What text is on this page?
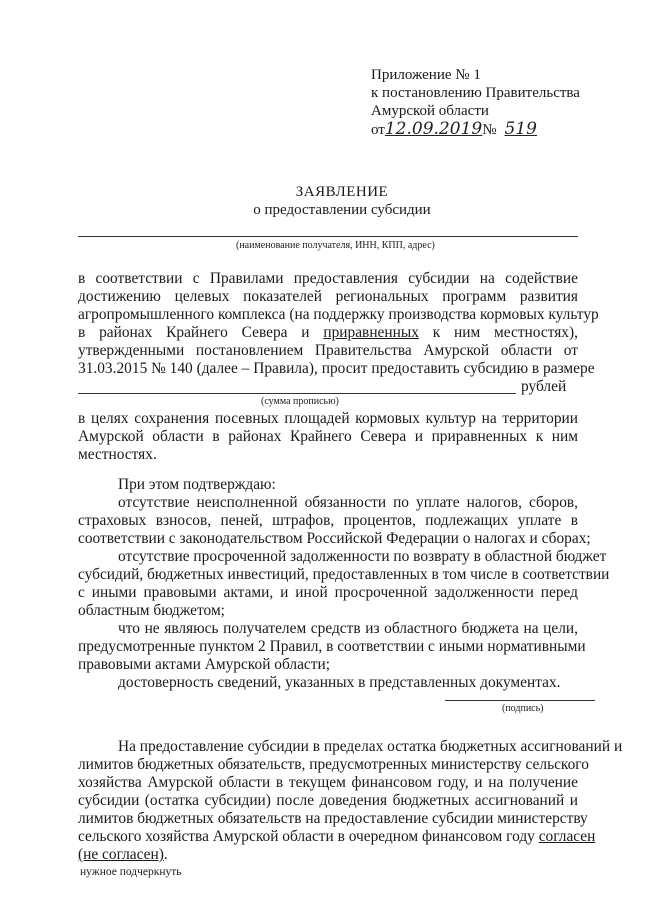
Приложение № 1
к постановлению Правительства
Амурской области
от12.09.2019№ 519
ЗАЯВЛЕНИЕ
о предоставлении субсидии
(наименование получателя, ИНН, КПП, адрес)
в соответствии с Правилами предоставления субсидии на содействие
достижению целевых показателей региональных программ развития
агропромышленного комплекса (на поддержку производства кормовых культур
в районах Крайнего Севера и приравненных к ним местностях),
утвержденными постановлением Правительства Амурской области от
31.03.2015 № 140 (далее – Правила), просит предоставить субсидию в размере
рублей
(сумма прописью)
в целях сохранения посевных площадей кормовых культур на территории
Амурской области в районах Крайнего Севера и приравненных к ним
местностях.
При этом подтверждаю:
отсутствие неисполненной обязанности по уплате налогов, сборов,
страховых взносов, пеней, штрафов, процентов, подлежащих уплате в
соответствии с законодательством Российской Федерации о налогах и сборах;
отсутствие просроченной задолженности по возврату в областной бюджет
субсидий, бюджетных инвестиций, предоставленных в том числе в соответствии
с иными правовыми актами, и иной просроченной задолженности перед
областным бюджетом;
что не являюсь получателем средств из областного бюджета на цели,
предусмотренные пунктом 2 Правил, в соответствии с иными нормативными
правовыми актами Амурской области;
достоверность сведений, указанных в представленных документах.
(подпись)
На предоставление субсидии в пределах остатка бюджетных ассигнований и
лимитов бюджетных обязательств, предусмотренных министерству сельского
хозяйства Амурской области в текущем финансовом году, и на получение
субсидии (остатка субсидии) после доведения бюджетных ассигнований и
лимитов бюджетных обязательств на предоставление субсидии министерству
сельского хозяйства Амурской области в очередном финансовом году согласен
(не согласен).
нужное подчеркнуть
